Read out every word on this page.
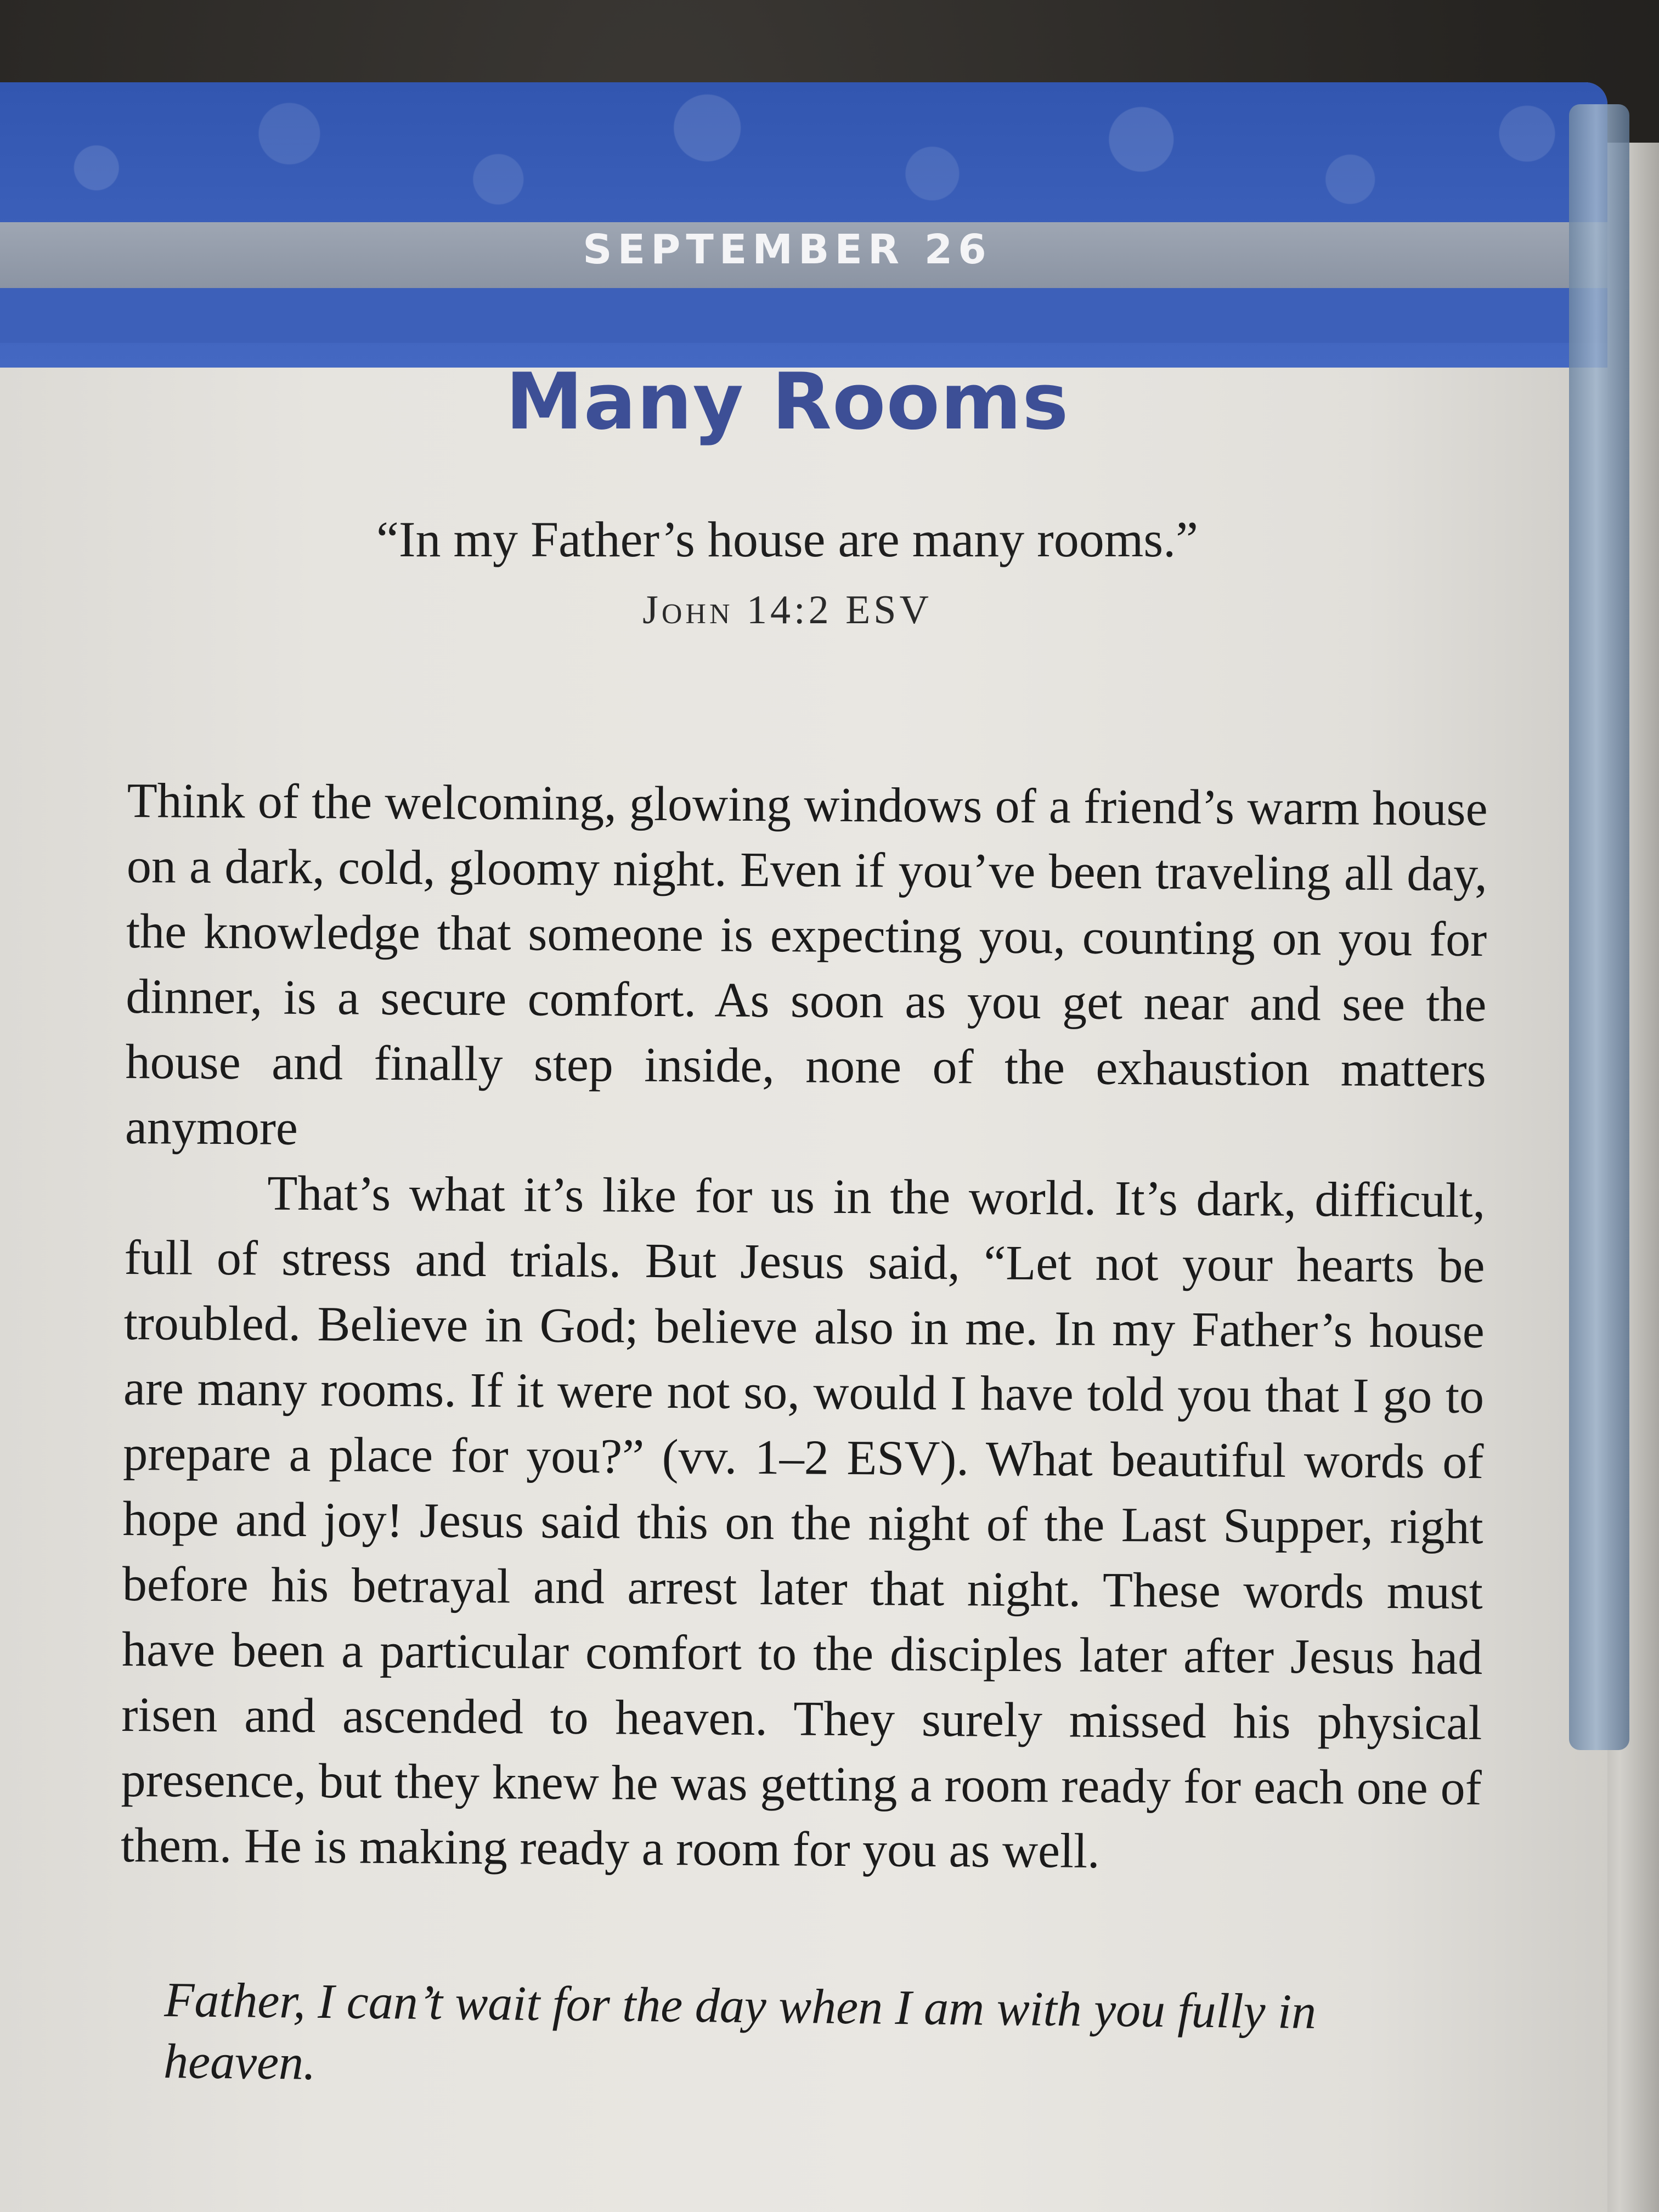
SEPTEMBER 26
Many Rooms
“In my Father’s house are many rooms.”
John 14:2 ESV

Think of the welcoming, glowing windows of a friend’s warm house on a dark, cold, gloomy night. Even if you’ve been traveling all day, the knowledge that someone is expecting you, counting on you for dinner, is a secure comfort. As soon as you get near and see the house and finally step inside, none of the exhaustion matters anymore

That’s what it’s like for us in the world. It’s dark, difficult, full of stress and trials. But Jesus said, “Let not your hearts be troubled. Believe in God; believe also in me. In my Father’s house are many rooms. If it were not so, would I have told you that I go to prepare a place for you?” (vv. 1–2 ESV). What beautiful words of hope and joy! Jesus said this on the night of the Last Supper, right before his betrayal and arrest later that night. These words must have been a particular comfort to the disciples later after Jesus had risen and ascended to heaven. They surely missed his physical presence, but they knew he was getting a room ready for each one of them. He is making ready a room for you as well.

Father, I can’t wait for the day when I am with you fully in heaven.
